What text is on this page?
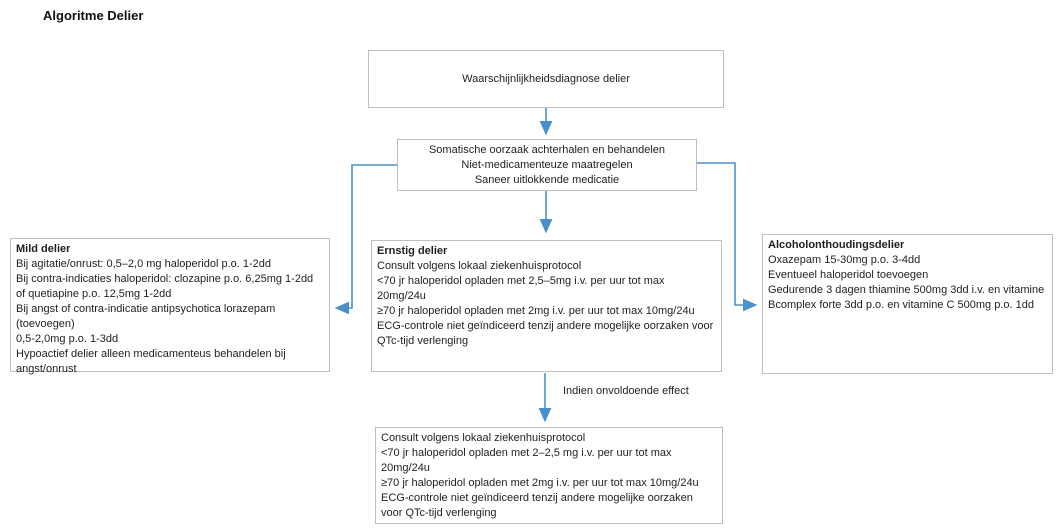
Algoritme Delier
Waarschijnlijkheidsdiagnose delier
Somatische oorzaak achterhalen en behandelen
Niet-medicamenteuze maatregelen
Saneer uitlokkende medicatie
Mild delier
Bij agitatie/onrust: 0,5–2,0 mg haloperidol p.o. 1-2dd
Bij contra-indicaties haloperidol: clozapine p.o. 6,25mg 1-2dd of quetiapine p.o. 12,5mg 1-2dd
Bij angst of contra-indicatie antipsychotica lorazepam (toevoegen)
0,5-2,0mg p.o. 1-3dd
Hypoactief delier alleen medicamenteus behandelen bij angst/onrust
Ernstig delier
Consult volgens lokaal ziekenhuisprotocol
<70 jr haloperidol opladen met 2,5–5mg i.v. per uur tot max 20mg/24u
≥70 jr haloperidol opladen met 2mg i.v. per uur tot max 10mg/24u
ECG-controle niet geïndiceerd tenzij andere mogelijke oorzaken voor QTc-tijd verlenging
Alcoholonthoudingsdelier
Oxazepam 15-30mg p.o. 3-4dd
Eventueel haloperidol toevoegen
Gedurende 3 dagen thiamine 500mg 3dd i.v. en vitamine Bcomplex forte 3dd p.o. en vitamine C 500mg p.o. 1dd
Indien onvoldoende effect
Consult volgens lokaal ziekenhuisprotocol
<70 jr haloperidol opladen met 2–2,5 mg i.v. per uur tot max 20mg/24u
≥70 jr haloperidol opladen met 2mg i.v. per uur tot max 10mg/24u
ECG-controle niet geïndiceerd tenzij andere mogelijke oorzaken voor QTc-tijd verlenging
